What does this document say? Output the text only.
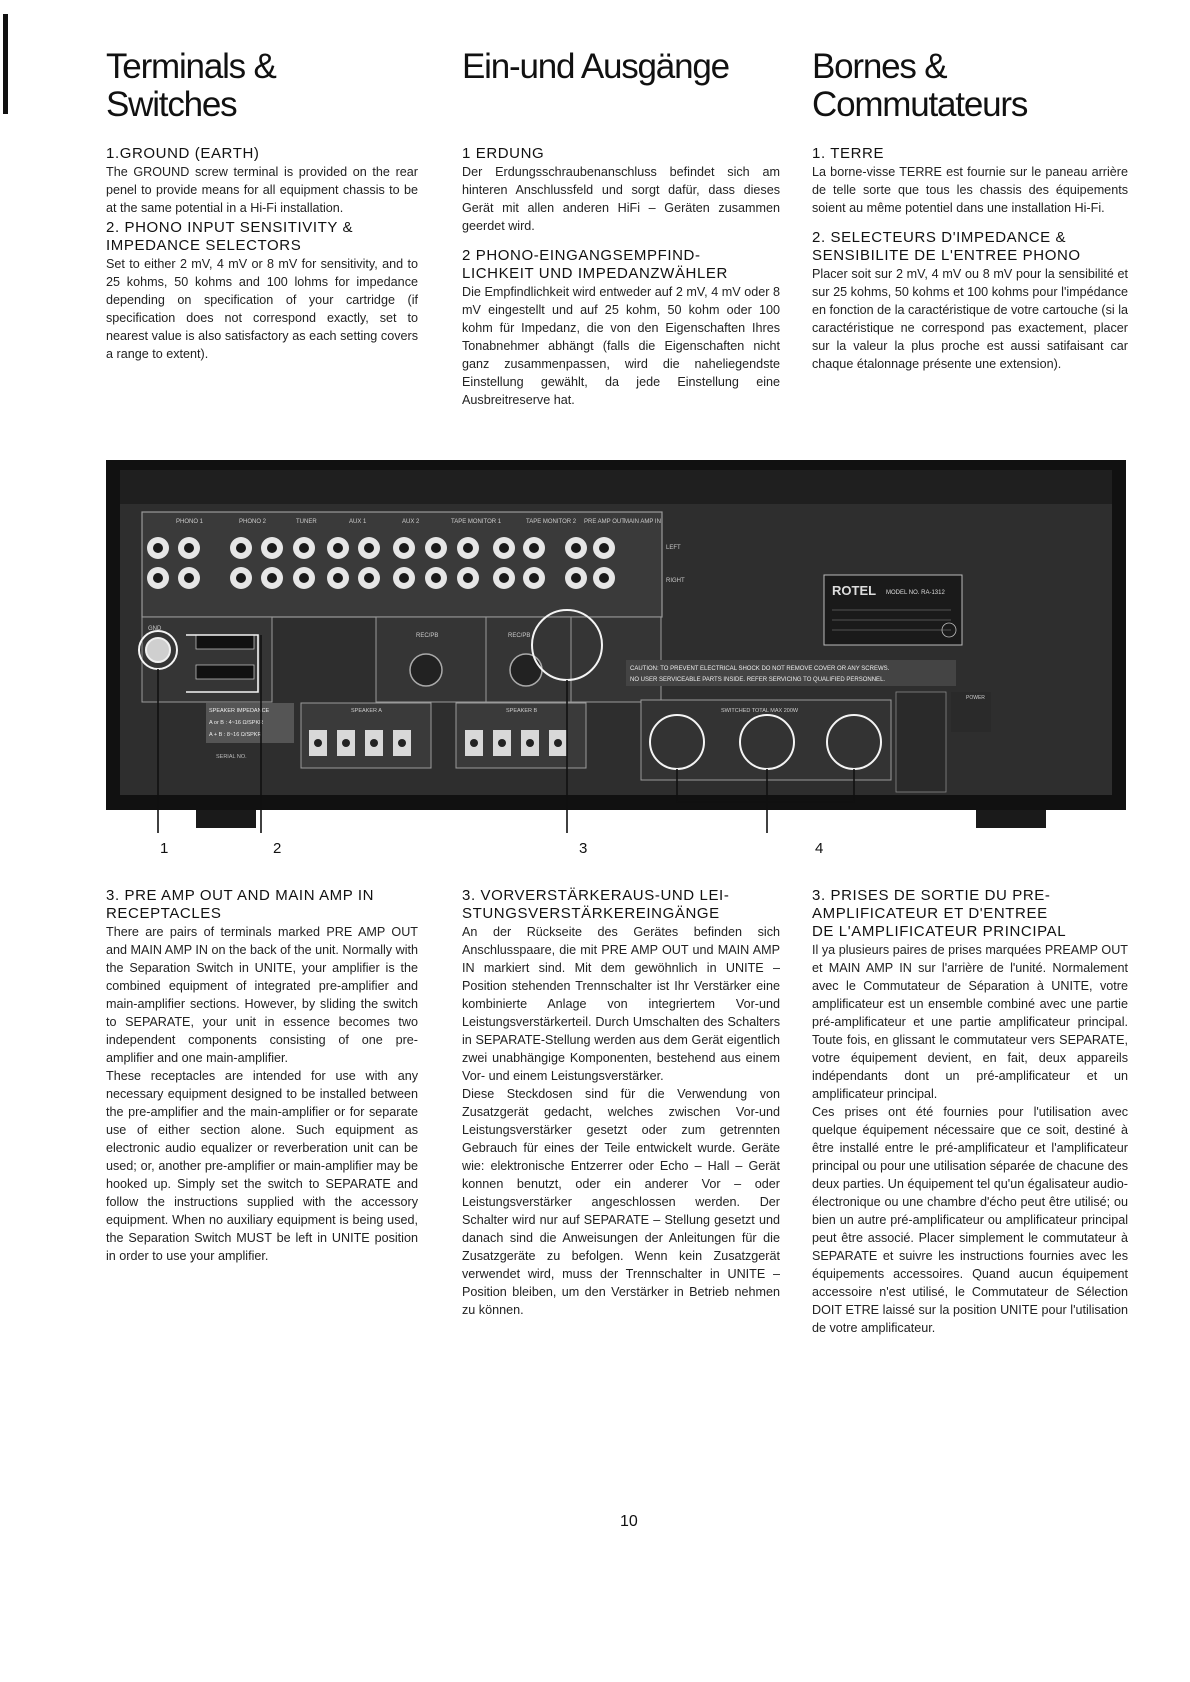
Terminals &
Switches
Ein-und Ausgänge Bornes &
Commutateurs
1.GROUND (EARTH)

The GROUND screw terminal is provided on the rear penel to provide means for all equipment chassis to be at the same potential in a Hi-Fi installation.

2. PHONO INPUT SENSITIVITY &
IMPEDANCE SELECTORS

Set to either 2 mV, 4 mV or 8 mV for sensitivity, and to 25 kohms, 50 kohms and 100 lohms for impedance depending on specification of your cartridge (if specification does not correspond exactly, set to nearest value is also satisfactory as each setting covers a range to extent).

1 ERDUNG

Der Erdungsschraubenanschluss befindet sich am hinteren Anschlussfeld und sorgt dafür, dass dieses Gerät mit allen anderen HiFi – Geräten zusammen geerdet wird.

2 PHONO-EINGANGSEMPFIND-
LICHKEIT UND IMPEDANZWÄHLER

Die Empfindlichkeit wird entweder auf 2 mV, 4 mV oder 8 mV eingestellt und auf 25 kohm, 50 kohm oder 100 kohm für Impedanz, die von den Eigenschaften Ihres Tonabnehmer abhängt (falls die Eigenschaften nicht ganz zusammenpassen, wird die naheliegendste Einstellung gewählt, da jede Einstellung eine Ausbreitreserve hat.

1. TERRE

La borne-visse TERRE est fournie sur le paneau arrière de telle sorte que tous les chassis des équipements soient au même potentiel dans une installation Hi-Fi.

2. SELECTEURS D'IMPEDANCE &
SENSIBILITE DE L'ENTREE PHONO

Placer soit sur 2 mV, 4 mV ou 8 mV pour la sensibilité et sur 25 kohms, 50 kohms et 100 kohms pour l'impédance en fonction de la caractéristique de votre cartouche (si la caractéristique ne correspond pas exactement, placer sur la valeur la plus proche est aussi satifaisant car chaque étalonnage présente une extension).

PHONO 1	PHONO 2	TUNER	AUX 1	AUX 2	TAPE MONITOR 1	TAPE MONITOR 2 PRE AMP OUT MAIN AMP IN
LEFT
RIGHT
GND
REC/PB	REC/PB
SPEAKER IMPEDANCE
A or B : 4~16 Ω/SPKR
A + B : 8~16 Ω/SPKR
SERIAL NO.
SPEAKER A	SPEAKER B
ROTEL MODEL NO. RA-1312
CAUTION: TO PREVENT ELECTRICAL SHOCK DO NOT REMOVE COVER OR ANY SCREWS.
NO USER SERVICEABLE PARTS INSIDE. REFER SERVICING TO QUALIFIED PERSONNEL.
SWITCHED TOTAL MAX 200W
POWER
1	2	3	4
3. PRE AMP OUT AND MAIN AMP IN
RECEPTACLES

There are pairs of terminals marked PRE AMP OUT and MAIN AMP IN on the back of the unit. Normally with the Separation Switch in UNITE, your amplifier is the combined equipment of integrated pre-amplifier and main-amplifier sections. However, by sliding the switch to SEPARATE, your unit in essence becomes two independent components consisting of one pre-amplifier and one main-amplifier.

These receptacles are intended for use with any necessary equipment designed to be installed between the pre-amplifier and the main-amplifier or for separate use of either section alone. Such equipment as electronic audio equalizer or reverberation unit can be used; or, another pre-amplifier or main-amplifier may be hooked up. Simply set the switch to SEPARATE and follow the instructions supplied with the accessory equipment. When no auxiliary equipment is being used, the Separation Switch MUST be left in UNITE position in order to use your amplifier.

3. VORVERSTÄRKERAUS-UND LEI-
STUNGSVERSTÄRKEREINGÄNGE

An der Rückseite des Gerätes befinden sich Anschlusspaare, die mit PRE AMP OUT und MAIN AMP IN markiert sind. Mit dem gewöhnlich in UNITE – Position stehenden Trennschalter ist Ihr Verstärker eine kombinierte Anlage von integriertem Vor-und Leistungsverstärkerteil. Durch Umschalten des Schalters in SEPARATE-Stellung werden aus dem Gerät eigentlich zwei unabhängige Komponenten, bestehend aus einem Vor- und einem Leistungsverstärker.

Diese Steckdosen sind für die Verwendung von Zusatzgerät gedacht, welches zwischen Vor-und Leistungsverstärker gesetzt oder zum getrennten Gebrauch für eines der Teile entwickelt wurde. Geräte wie: elektronische Entzerrer oder Echo – Hall – Gerät konnen benutzt, oder ein anderer Vor – oder Leistungsverstärker angeschlossen werden. Der Schalter wird nur auf SEPARATE – Stellung gesetzt und danach sind die Anweisungen der Anleitungen für die Zusatzgeräte zu befolgen. Wenn kein Zusatzgerät verwendet wird, muss der Trennschalter in UNITE – Position bleiben, um den Verstärker in Betrieb nehmen zu können.

3. PRISES DE SORTIE DU PRE-
AMPLIFICATEUR ET D'ENTREE
DE L'AMPLIFICATEUR PRINCIPAL

Il ya plusieurs paires de prises marquées PREAMP OUT et MAIN AMP IN sur l'arrière de l'unité. Normalement avec le Commutateur de Séparation à UNITE, votre amplificateur est un ensemble combiné avec une partie pré-amplificateur et une partie amplificateur principal. Toute fois, en glissant le commutateur vers SEPARATE, votre équipement devient, en fait, deux appareils indépendants dont un pré-amplificateur et un amplificateur principal.

Ces prises ont été fournies pour l'utilisation avec quelque équipement nécessaire que ce soit, destiné à être installé entre le pré-amplificateur et l'amplificateur principal ou pour une utilisation séparée de chacune des deux parties. Un équipement tel qu'un égalisateur audio-électronique ou une chambre d'écho peut être utilisé; ou bien un autre pré-amplificateur ou amplificateur principal peut être associé. Placer simplement le commutateur à SEPARATE et suivre les instructions fournies avec les équipements accessoires. Quand aucun équipement accessoire n'est utilisé, le Commutateur de Sélection DOIT ETRE laissé sur la position UNITE pour l'utilisation de votre amplificateur.

10
